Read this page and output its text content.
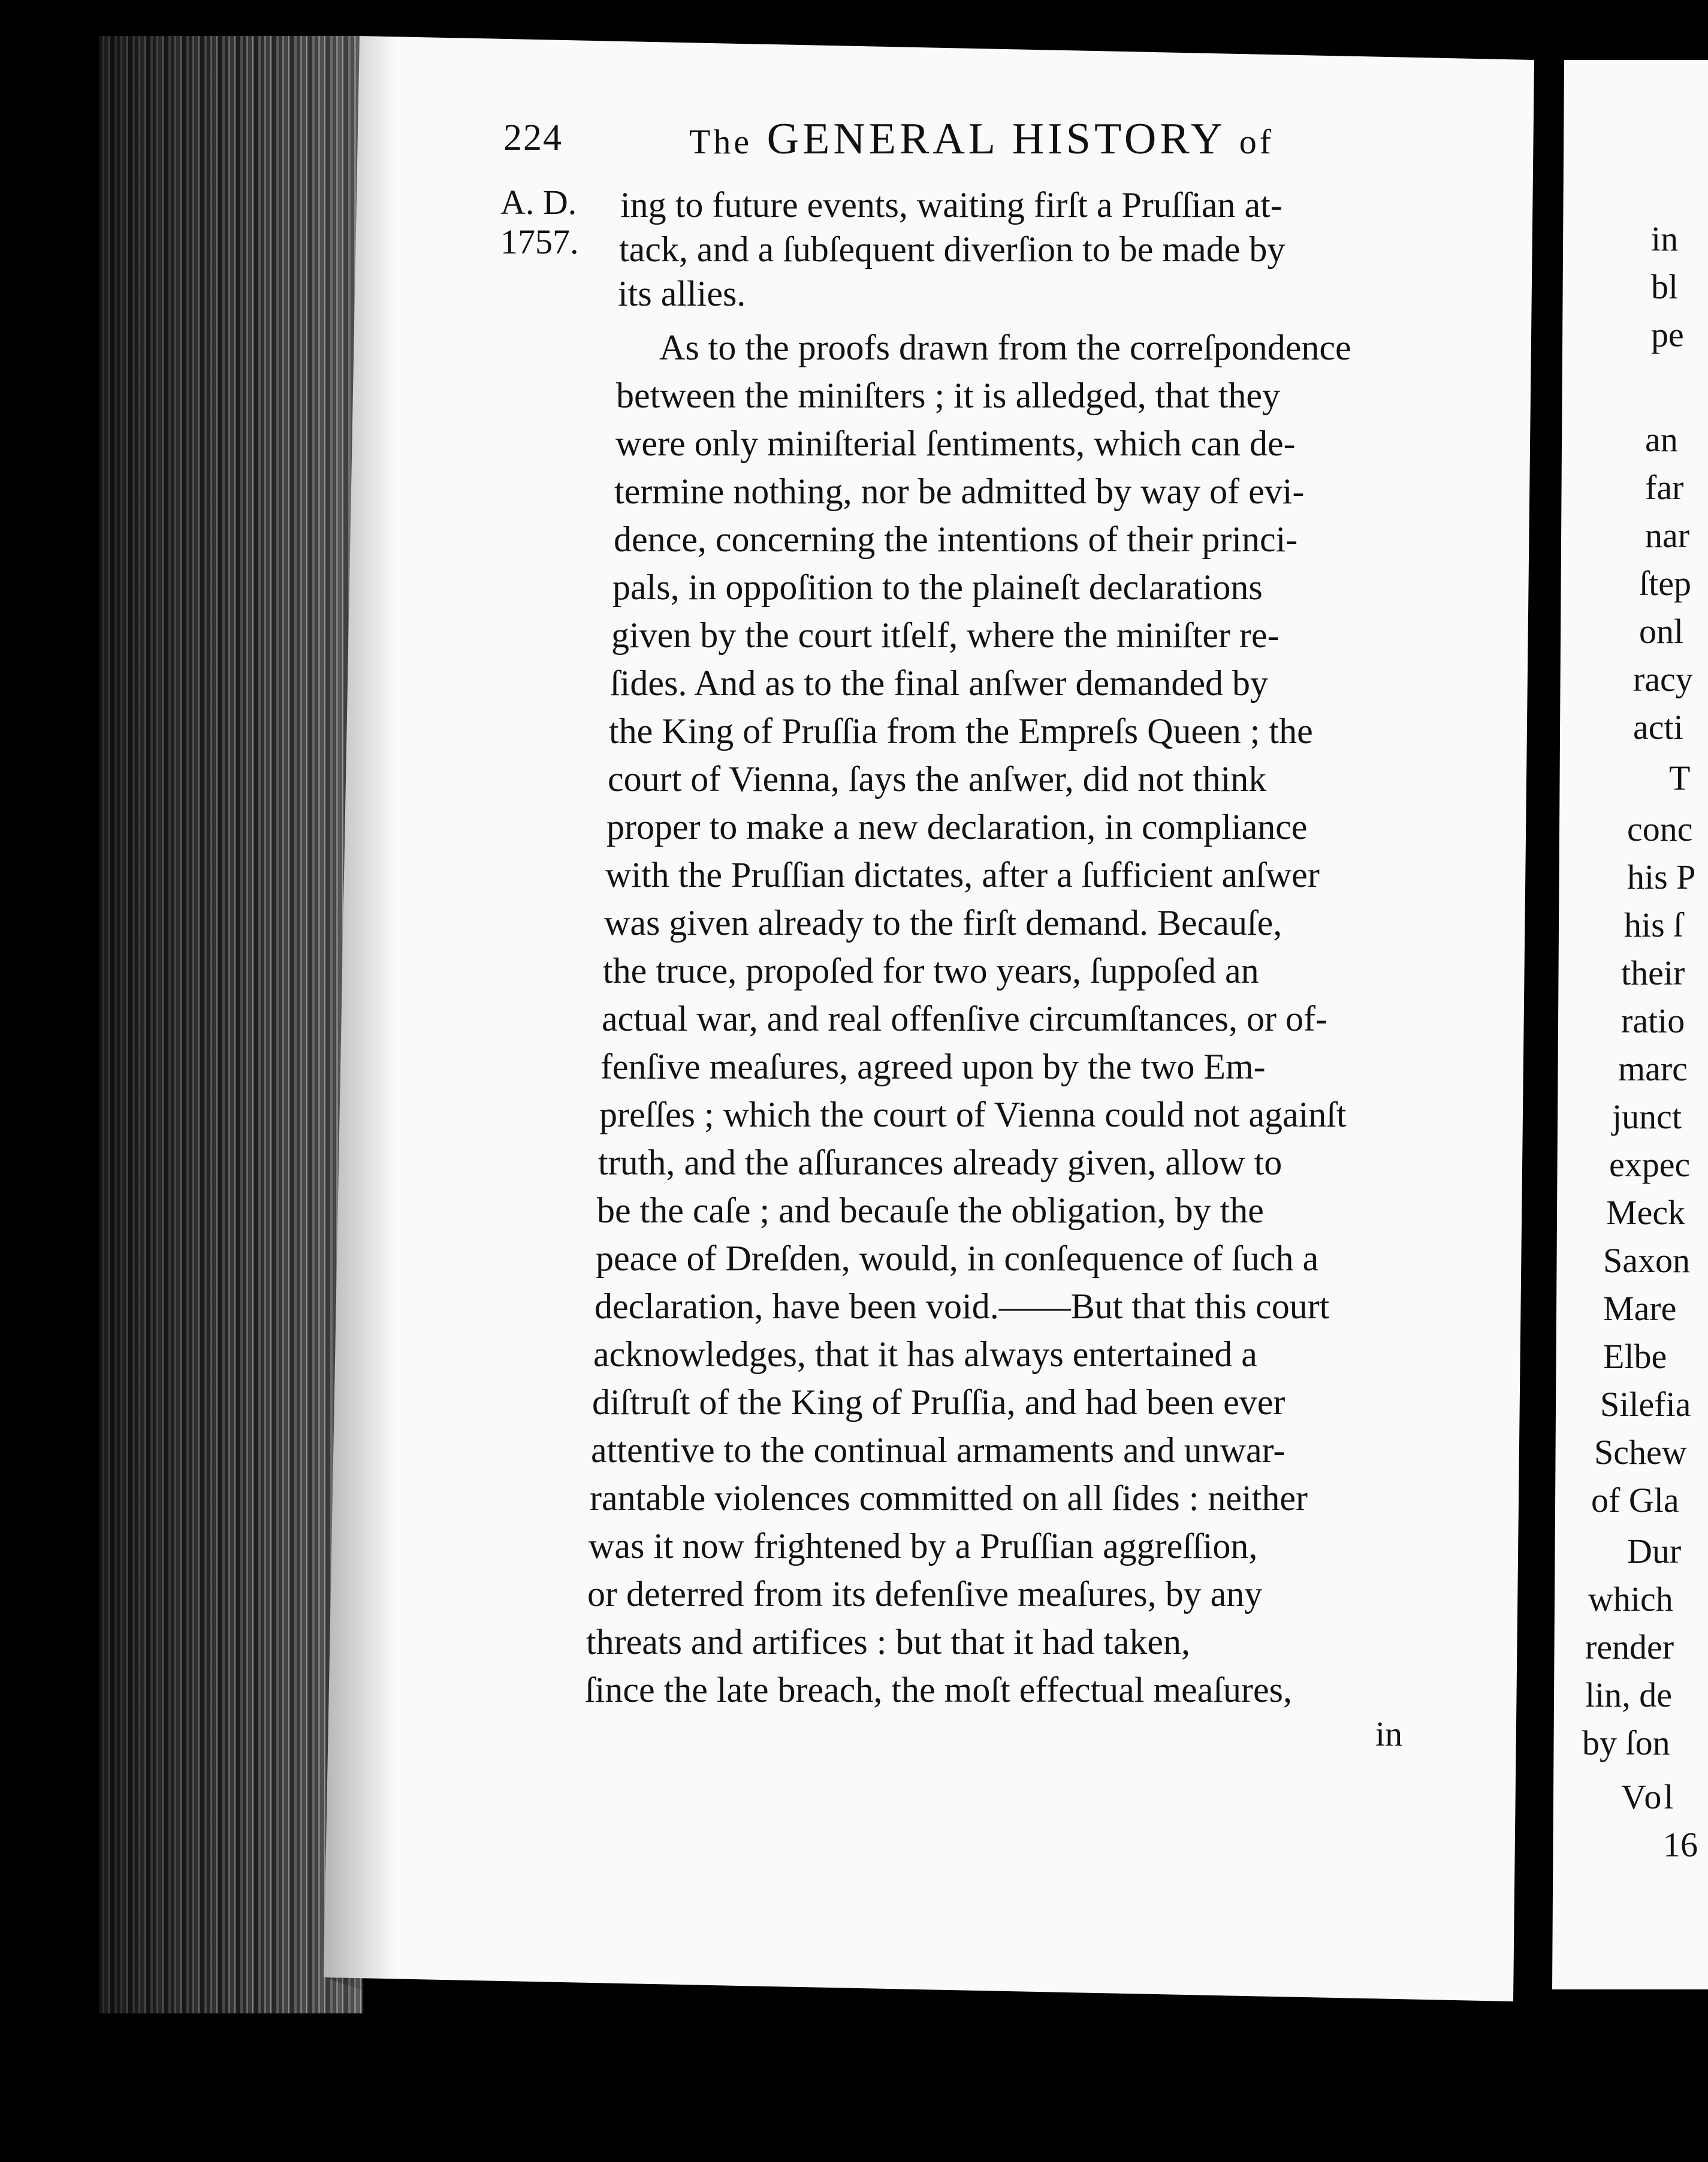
224	The GENERAL HISTORY of
A. D.
1757.
ing to future events, waiting firſt a Pruſſian at-
tack, and a ſubſequent diverſion to be made by
its allies.
As to the proofs drawn from the correſpondence
between the miniſters ; it is alledged, that they
were only miniſterial ſentiments, which can de-
termine nothing, nor be admitted by way of evi-
dence, concerning the intentions of their princi-
pals, in oppoſition to the plaineſt declarations
given by the court itſelf, where the miniſter re-
ſides. And as to the final anſwer demanded by
the King of Pruſſia from the Empreſs Queen ; the
court of Vienna, ſays the anſwer, did not think
proper to make a new declaration, in compliance
with the Pruſſian dictates, after a ſufficient anſwer
was given already to the firſt demand. Becauſe,
the truce, propoſed for two years, ſuppoſed an
actual war, and real offenſive circumſtances, or of-
fenſive meaſures, agreed upon by the two Em-
preſſes ; which the court of Vienna could not againſt
truth, and the aſſurances already given, allow to
be the caſe ; and becauſe the obligation, by the
peace of Dreſden, would, in conſequence of ſuch a
declaration, have been void.——But that this court
acknowledges, that it has always entertained a
diſtruſt of the King of Pruſſia, and had been ever
attentive to the continual armaments and unwar-
rantable violences committed on all ſides : neither
was it now frightened by a Pruſſian aggreſſion,
or deterred from its defenſive meaſures, by any
threats and artifices : but that it had taken,
ſince the late breach, the moſt effectual meaſures,
in
in
bl
pe
an
far
nar
ſtep
onl
racy
acti
T
conc
his P
his ſ
their
ratio
marc
junct
expec
Meck
Saxon
Mare
Elbe
Silefia
Schew
of Gla
Dur
which
render
lin, de
by ſon
Vol
16
